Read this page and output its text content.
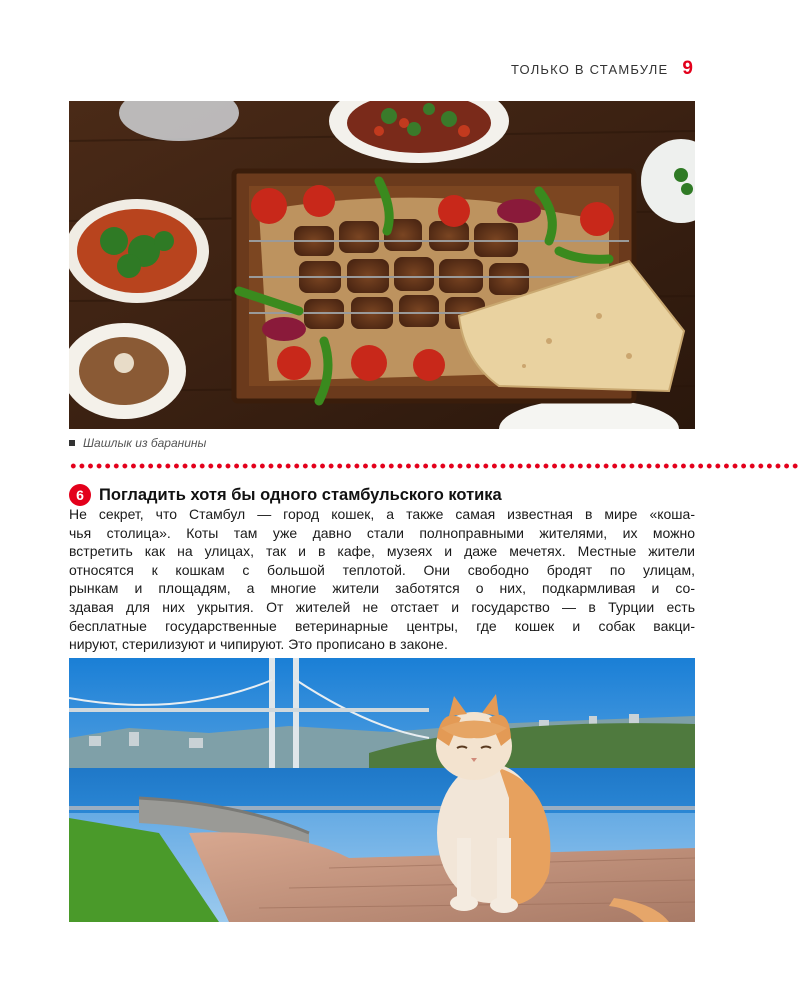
ТОЛЬКО В СТАМБУЛЕ 9
Шашлык из баранины
6 Погладить хотя бы одного стамбульского котика

Не секрет, что Стамбул — город кошек, а также самая известная в мире «коша-
чья столица». Коты там уже давно стали полноправными жителями, их можно
встретить как на улицах, так и в кафе, музеях и даже мечетях. Местные жители
относятся к кошкам с большой теплотой. Они свободно бродят по улицам,
рынкам и площадям, а многие жители заботятся о них, подкармливая и со-
здавая для них укрытия. От жителей не отстает и государство — в Турции есть
бесплатные государственные ветеринарные центры, где кошек и собак вакци-
нируют, стерилизуют и чипируют. Это прописано в законе.
